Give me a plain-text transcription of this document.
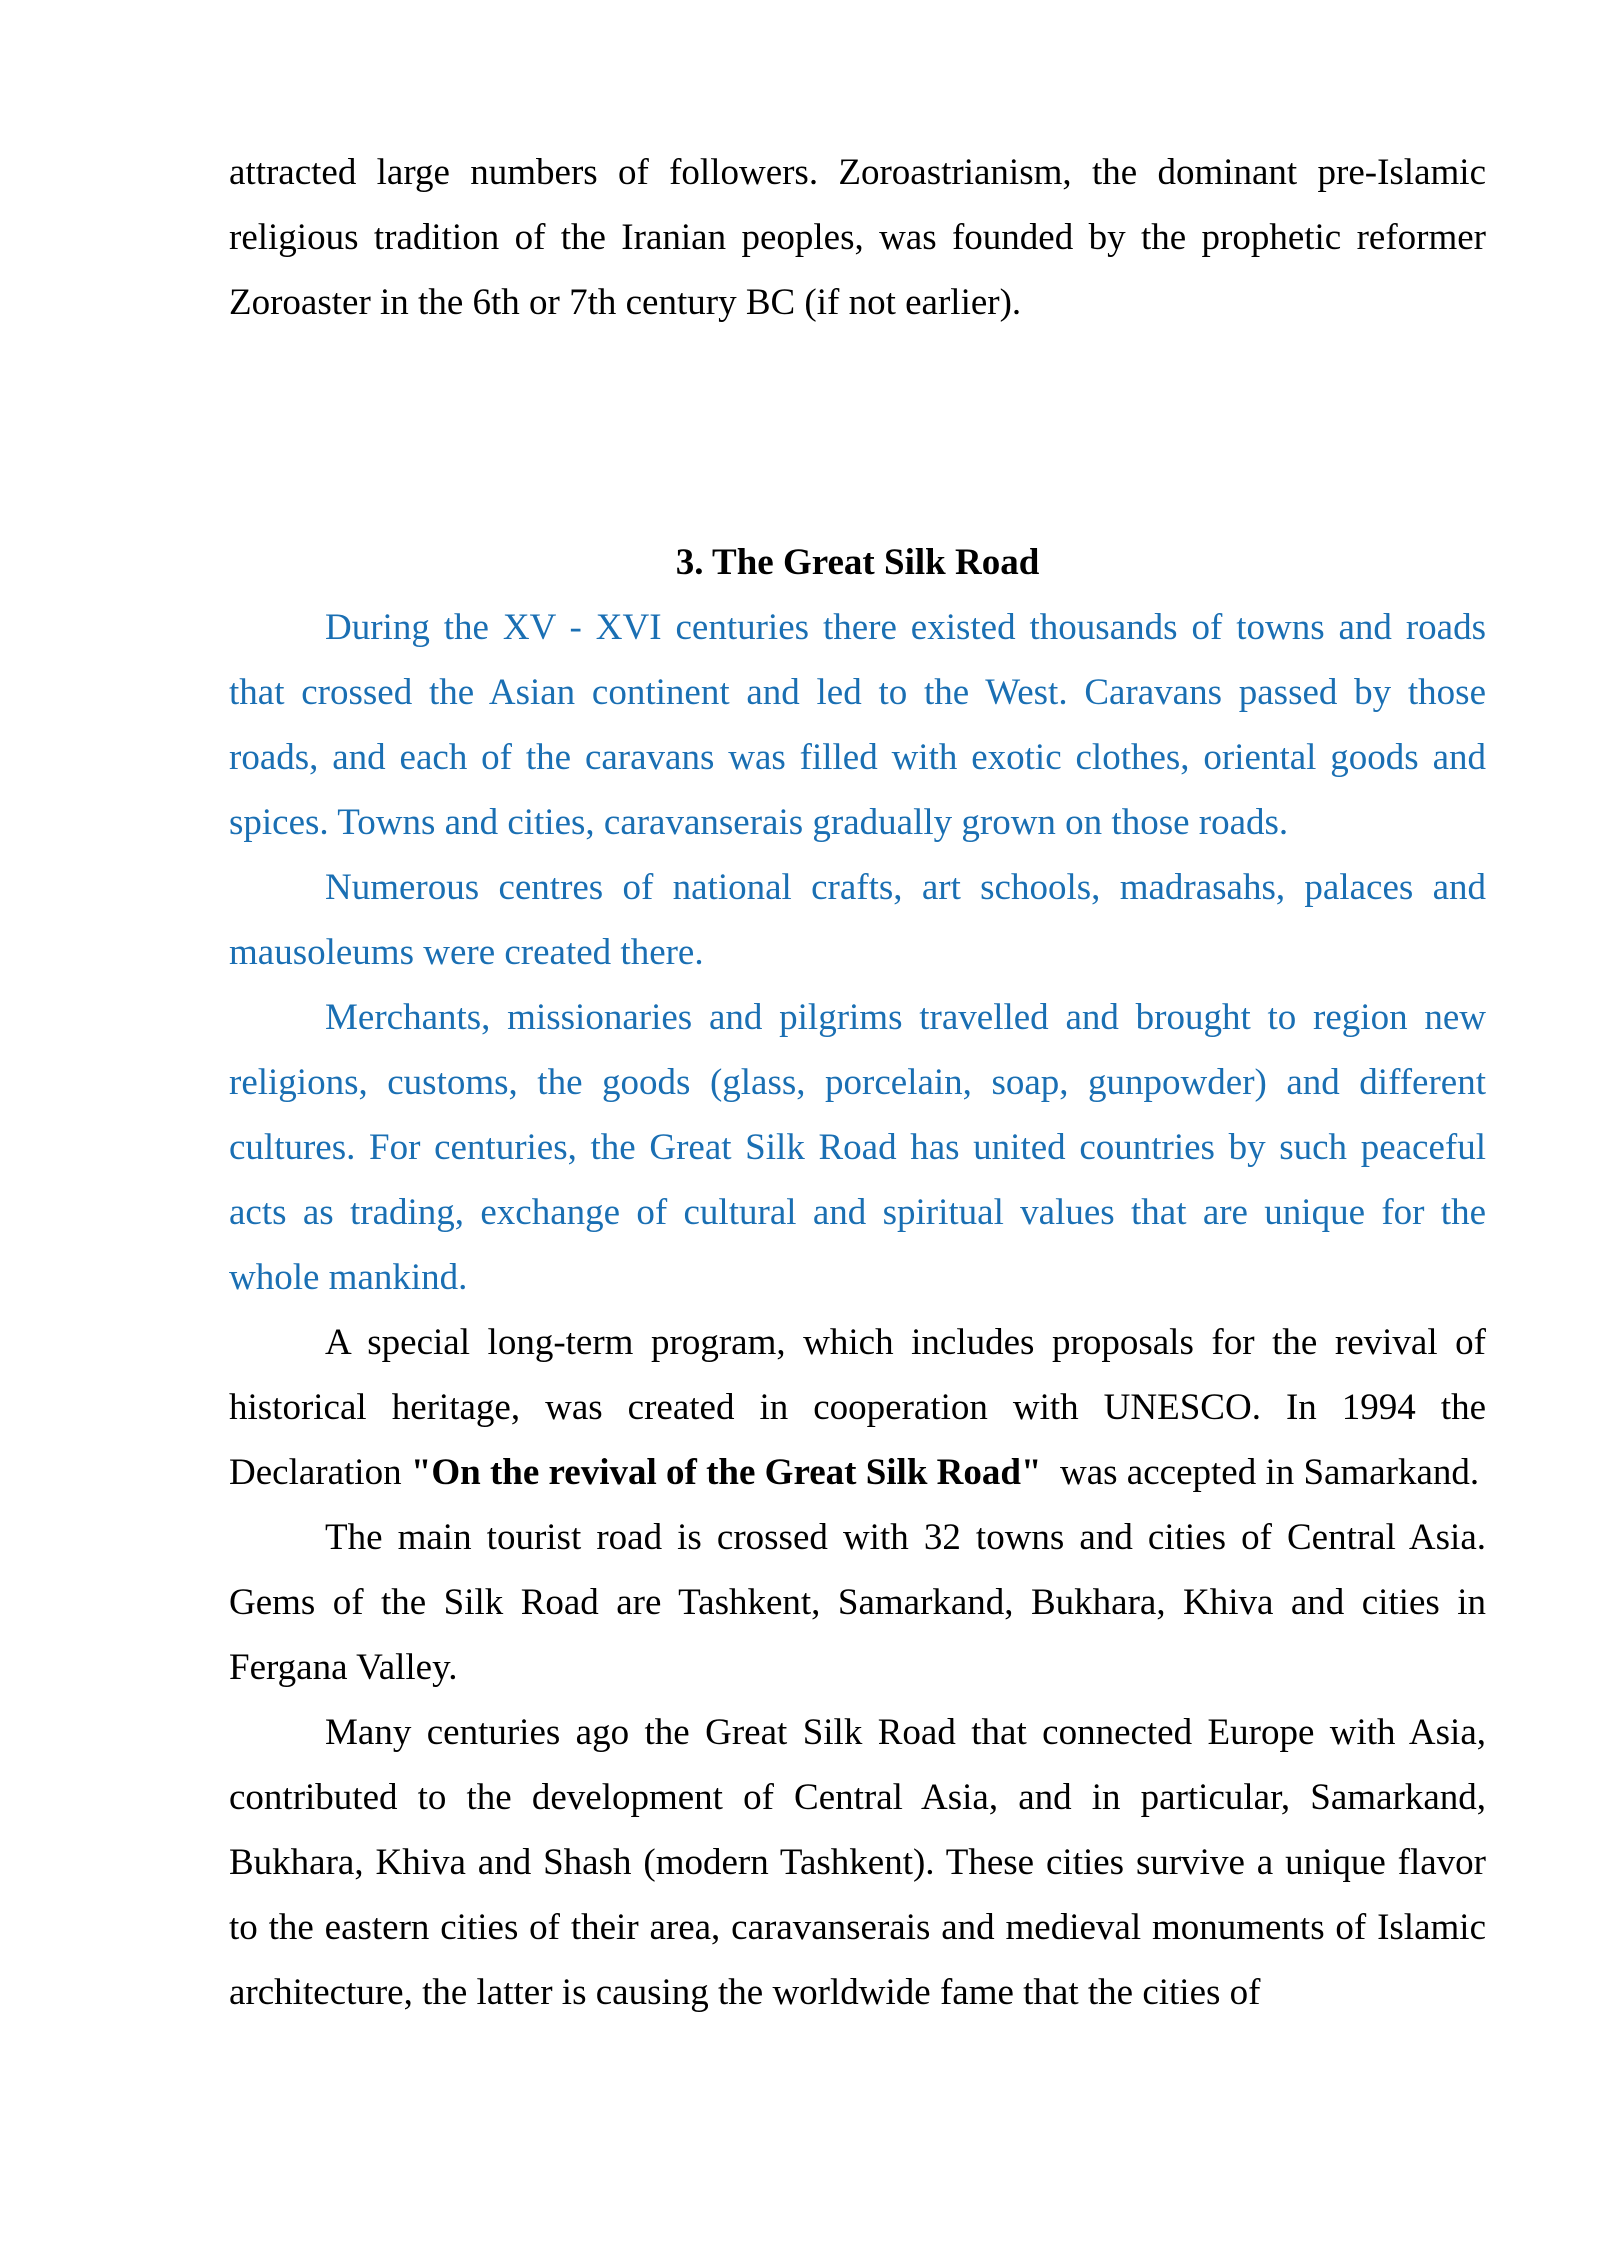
attracted large numbers of followers. Zoroastrianism, the dominant pre-Islamic religious tradition of the Iranian peoples, was founded by the prophetic reformer Zoroaster in the 6th or 7th century BC (if not earlier).

3. The Great Silk Road

During the XV - XVI centuries there existed thousands of towns and roads that crossed the Asian continent and led to the West. Caravans passed by those roads, and each of the caravans was filled with exotic clothes, oriental goods and spices. Towns and cities, caravanserais gradually grown on those roads.

Numerous centres of national crafts, art schools, madrasahs, palaces and mausoleums were created there.

Merchants, missionaries and pilgrims travelled and brought to region new religions, customs, the goods (glass, porcelain, soap, gunpowder) and different cultures. For centuries, the Great Silk Road has united countries by such peaceful acts as trading, exchange of cultural and spiritual values that are unique for the whole mankind.

A special long-term program, which includes proposals for the revival of historical heritage, was created in cooperation with UNESCO. In 1994 the Declaration "On the revival of the Great Silk Road"  was accepted in Samarkand.

The main tourist road is crossed with 32 towns and cities of Central Asia. Gems of the Silk Road are Tashkent, Samarkand, Bukhara, Khiva and cities in Fergana Valley.

Many centuries ago the Great Silk Road that connected Europe with Asia, contributed to the development of Central Asia, and in particular, Samarkand, Bukhara, Khiva and Shash (modern Tashkent). These cities survive a unique flavor to the eastern cities of their area, caravanserais and medieval monuments of Islamic architecture, the latter is causing the worldwide fame that the cities of
